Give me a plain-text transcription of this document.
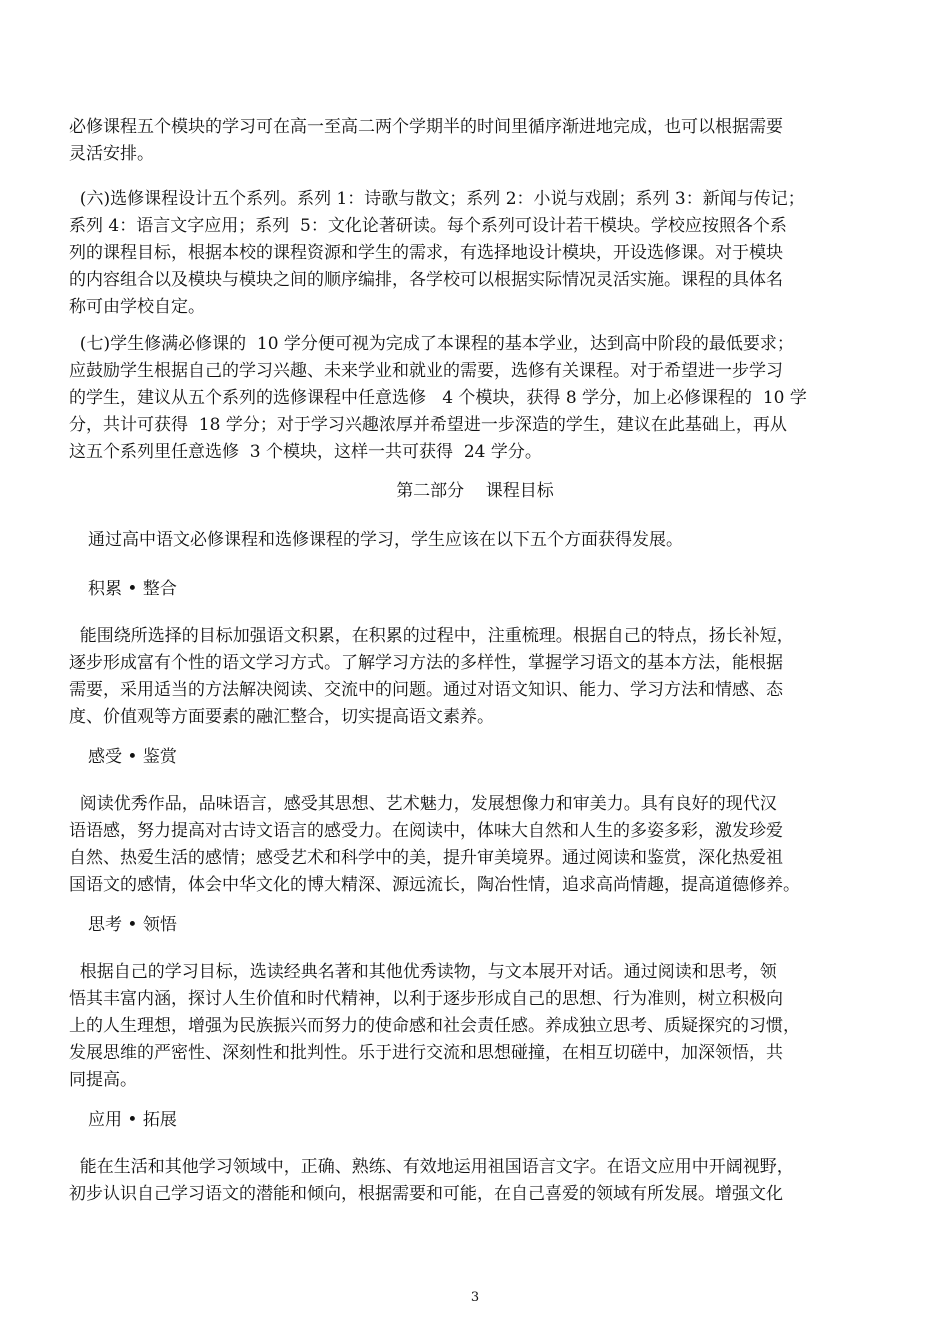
必修课程五个模块的学习可在高一至高二两个学期半的时间里循序渐进地完成，也可以根据需要
灵活安排。
(六)选修课程设计五个系列。系列 1：诗歌与散文；系列 2：小说与戏剧；系列 3：新闻与传记；
系列 4：语言文字应用；系列  5：文化论著研读。每个系列可设计若干模块。学校应按照各个系
列的课程目标，根据本校的课程资源和学生的需求，有选择地设计模块，开设选修课。对于模块
的内容组合以及模块与模块之间的顺序编排，各学校可以根据实际情况灵活实施。课程的具体名
称可由学校自定。
(七)学生修满必修课的  10 学分便可视为完成了本课程的基本学业，达到高中阶段的最低要求；
应鼓励学生根据自己的学习兴趣、未来学业和就业的需要，选修有关课程。对于希望进一步学习
的学生，建议从五个系列的选修课程中任意选修   4 个模块，获得 8 学分，加上必修课程的  10 学
分，共计可获得  18 学分；对于学习兴趣浓厚并希望进一步深造的学生，建议在此基础上，再从
这五个系列里任意选修  3 个模块，这样一共可获得  24 学分。
第二部分    课程目标
通过高中语文必修课程和选修课程的学习，学生应该在以下五个方面获得发展。
积累 • 整合
能围绕所选择的目标加强语文积累，在积累的过程中，注重梳理。根据自己的特点，扬长补短，
逐步形成富有个性的语文学习方式。了解学习方法的多样性，掌握学习语文的基本方法，能根据
需要，采用适当的方法解决阅读、交流中的问题。通过对语文知识、能力、学习方法和情感、态
度、价值观等方面要素的融汇整合，切实提高语文素养。
感受 • 鉴赏
阅读优秀作品，品味语言，感受其思想、艺术魅力，发展想像力和审美力。具有良好的现代汉
语语感，努力提高对古诗文语言的感受力。在阅读中，体味大自然和人生的多姿多彩，激发珍爱
自然、热爱生活的感情；感受艺术和科学中的美，提升审美境界。通过阅读和鉴赏，深化热爱祖
国语文的感情，体会中华文化的博大精深、源远流长，陶冶性情，追求高尚情趣，提高道德修养。
思考 • 领悟
根据自己的学习目标，选读经典名著和其他优秀读物，与文本展开对话。通过阅读和思考，领
悟其丰富内涵，探讨人生价值和时代精神，以利于逐步形成自己的思想、行为准则，树立积极向
上的人生理想，增强为民族振兴而努力的使命感和社会责任感。养成独立思考、质疑探究的习惯，
发展思维的严密性、深刻性和批判性。乐于进行交流和思想碰撞，在相互切磋中，加深领悟，共
同提高。
应用 • 拓展
能在生活和其他学习领域中，正确、熟练、有效地运用祖国语言文字。在语文应用中开阔视野，
初步认识自己学习语文的潜能和倾向，根据需要和可能，在自己喜爱的领域有所发展。增强文化
3
